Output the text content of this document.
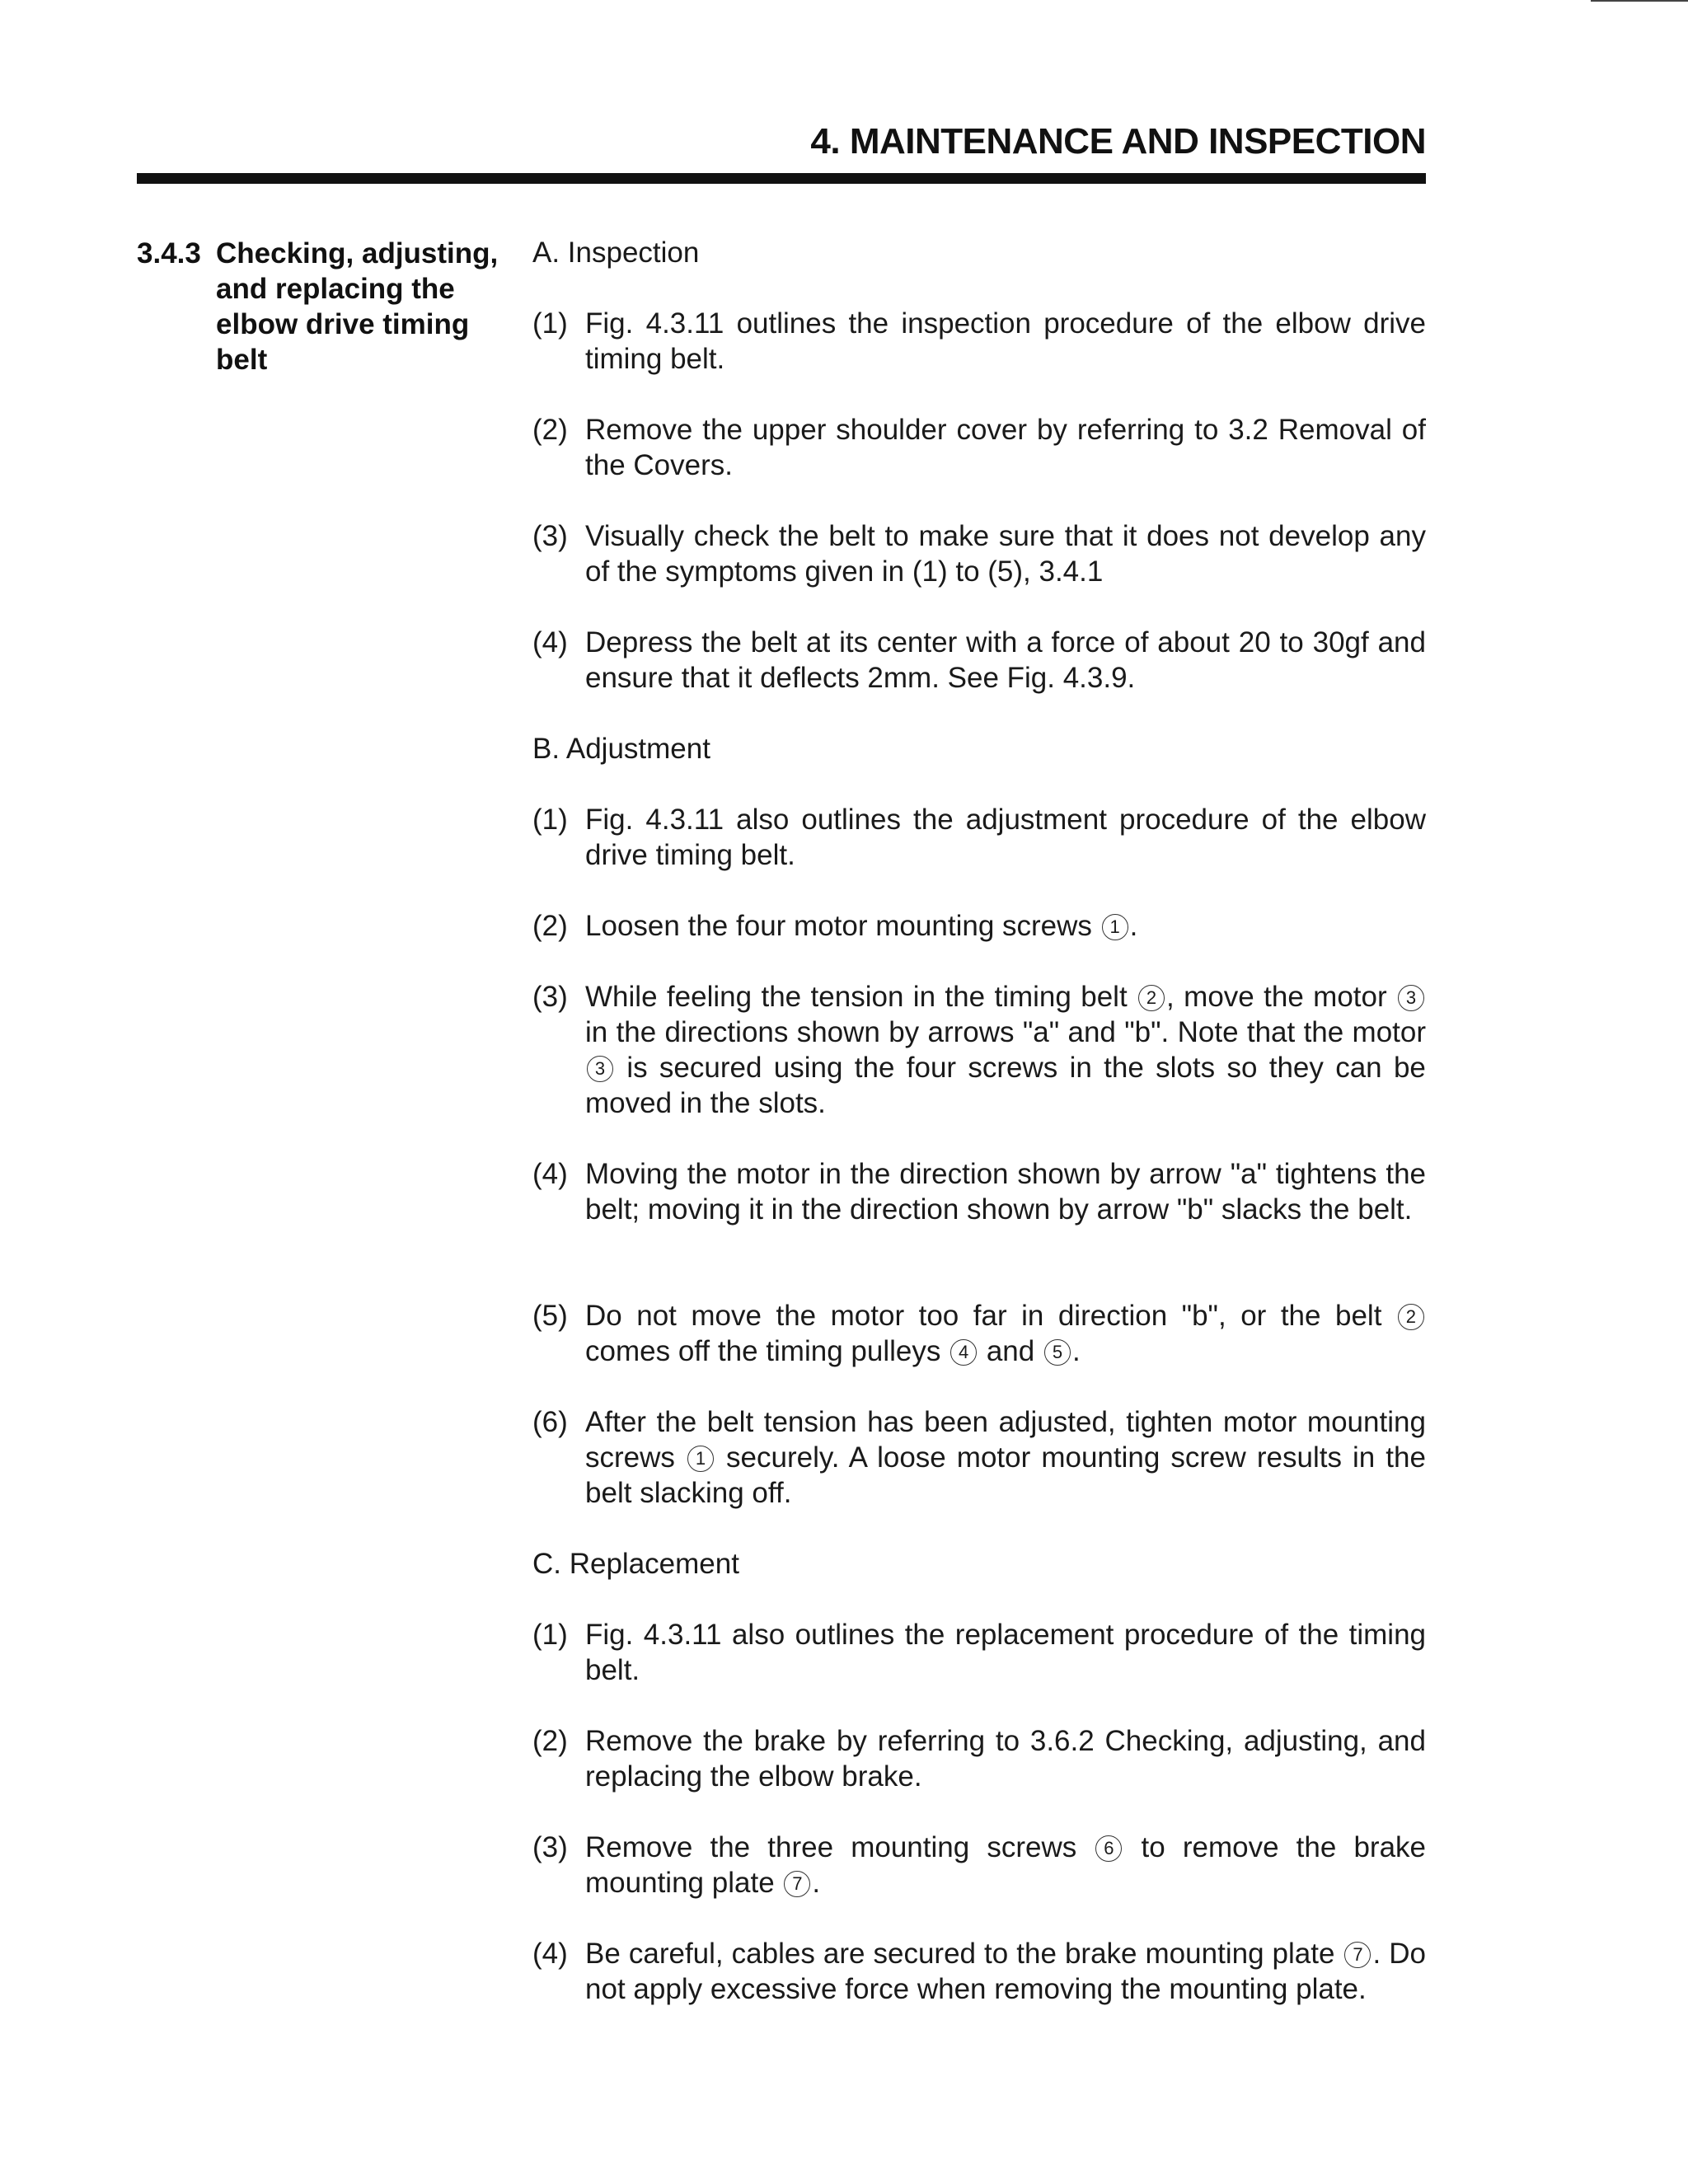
4. MAINTENANCE AND INSPECTION
3.4.3 Checking, adjusting,
and replacing the
elbow drive timing
belt
A. Inspection
(1) Fig. 4.3.11 outlines the inspection procedure of the elbow drive timing belt.
(2) Remove the upper shoulder cover by referring to 3.2 Removal of the Covers.
(3) Visually check the belt to make sure that it does not develop any of the symptoms given in (1) to (5), 3.4.1
(4) Depress the belt at its center with a force of about 20 to 30gf and ensure that it deflects 2mm. See Fig. 4.3.9.
B. Adjustment
(1) Fig. 4.3.11 also outlines the adjustment procedure of the elbow drive timing belt.
(2) Loosen the four motor mounting screws 1 .
(3) While feeling the tension in the timing belt 2 , move the motor 3 in the directions shown by arrows "a" and "b". Note that the motor 3 is secured using the four screws in the slots so they can be moved in the slots.
(4) Moving the motor in the direction shown by arrow "a" tightens the belt; moving it in the direction shown by arrow "b" slacks the belt.
(5) Do not move the motor too far in direction "b", or the belt 2 comes off the timing pulleys 4 and 5 .
(6) After the belt tension has been adjusted, tighten motor mounting screws 1 securely. A loose motor mounting screw results in the belt slacking off.
C. Replacement
(1) Fig. 4.3.11 also outlines the replacement procedure of the timing belt.
(2) Remove the brake by referring to 3.6.2 Checking, adjusting, and replacing the elbow brake.
(3) Remove the three mounting screws 6 to remove the brake mounting plate 7 .
(4) Be careful, cables are secured to the brake mounting plate 7 . Do not apply excessive force when removing the mounting plate.
